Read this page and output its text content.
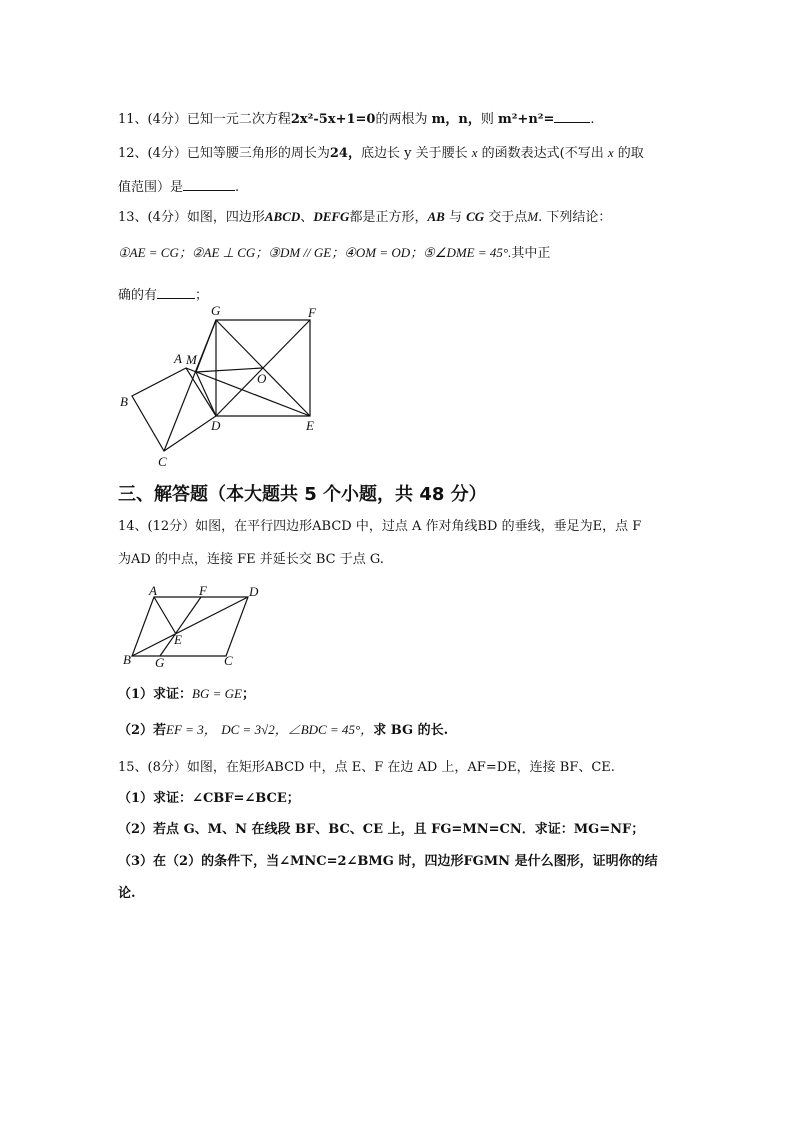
11、(4分）已知一元二次方程2x²-5x+1=0的两根为 m，n，则 m²+n²=	.
12、(4分）已知等腰三角形的周长为24，底边长 y 关于腰长 x 的函数表达式(不写出 x 的取
值范围）是	.
13、(4分）如图，四边形ABCD、DEFG都是正方形，AB 与 CG 交于点M. 下列结论：
①AE = CG；②AE ⊥ CG；③DM // GE；④OM = OD；⑤∠DME = 45°.其中正
确的有	；
G	F
A M
O
B
D	E
C
三、解答题（本大题共 5 个小题，共 48 分）
14、(12分）如图，在平行四边形ABCD 中，过点 A 作对角线BD 的垂线，垂足为E，点 F
为AD 的中点，连接 FE 并延长交 BC 于点 G.
A	F	D
E
B G	C
（1）求证：BG = GE；
（2）若EF = 3， DC = 3√2，∠BDC = 45°，求 BG 的长.
15、(8分）如图，在矩形ABCD 中，点 E、F 在边 AD 上，AF=DE，连接 BF、CE.
（1）求证：∠CBF=∠BCE；
（2）若点 G、M、N 在线段 BF、BC、CE 上，且 FG=MN=CN．求证：MG=NF；
（3）在（2）的条件下，当∠MNC=2∠BMG 时，四边形FGMN 是什么图形，证明你的结
论.
